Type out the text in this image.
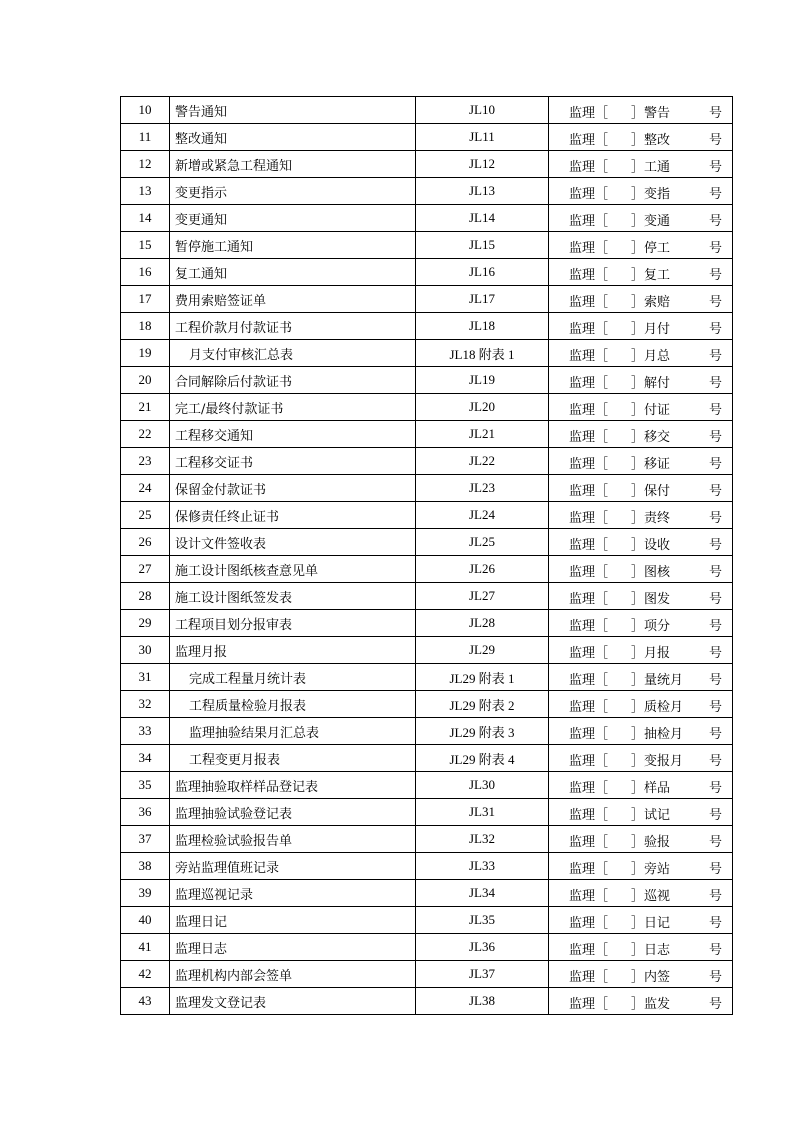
10	警告通知	JL10	监理［ ］警告 号

11	整改通知	JL11	监理［ ］整改 号

12	新增或紧急工程通知	JL12	监理［ ］工通 号

13	变更指示	JL13	监理［ ］变指 号

14	变更通知	JL14	监理［ ］变通 号

15	暂停施工通知	JL15	监理［ ］停工 号

16	复工通知	JL16	监理［ ］复工 号

17	费用索赔签证单	JL17	监理［ ］索赔 号

18	工程价款月付款证书	JL18	监理［ ］月付 号

19	月支付审核汇总表	JL18 附表 1	监理［ ］月总 号

20	合同解除后付款证书	JL19	监理［ ］解付 号

21	完工/最终付款证书	JL20	监理［ ］付证 号

22	工程移交通知	JL21	监理［ ］移交 号

23	工程移交证书	JL22	监理［ ］移证 号

24	保留金付款证书	JL23	监理［ ］保付 号

25	保修责任终止证书	JL24	监理［ ］责终 号

26	设计文件签收表	JL25	监理［ ］设收 号

27	施工设计图纸核查意见单	JL26	监理［ ］图核 号

28	施工设计图纸签发表	JL27	监理［ ］图发 号

29	工程项目划分报审表	JL28	监理［ ］项分 号

30	监理月报	JL29	监理［ ］月报 号

31	完成工程量月统计表	JL29 附表 1	监理［ ］量统月 号

32	工程质量检验月报表	JL29 附表 2	监理［ ］质检月 号

33	监理抽验结果月汇总表	JL29 附表 3	监理［ ］抽检月 号

34	工程变更月报表	JL29 附表 4	监理［ ］变报月 号

35	监理抽验取样样品登记表	JL30	监理［ ］样品 号

36	监理抽验试验登记表	JL31	监理［ ］试记 号

37	监理检验试验报告单	JL32	监理［ ］验报 号

38	旁站监理值班记录	JL33	监理［ ］旁站 号

39	监理巡视记录	JL34	监理［ ］巡视 号

40	监理日记	JL35	监理［ ］日记 号

41	监理日志	JL36	监理［ ］日志 号

42	监理机构内部会签单	JL37	监理［ ］内签 号

43	监理发文登记表	JL38	监理［ ］监发 号
